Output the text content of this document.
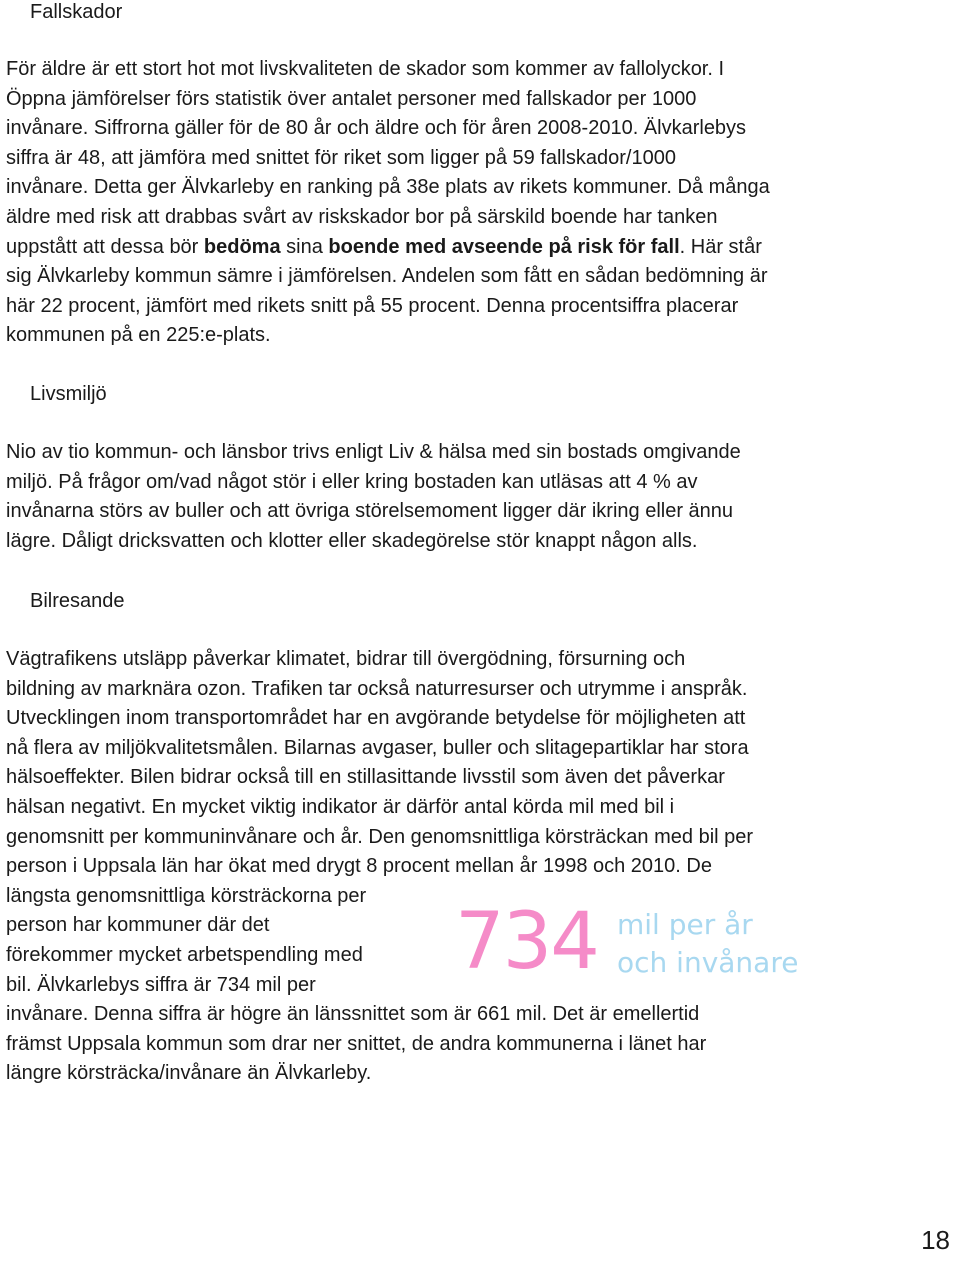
Fallskador
För äldre är ett stort hot mot livskvaliteten de skador som kommer av fallolyckor. I
Öppna jämförelser förs statistik över antalet personer med fallskador per 1000
invånare. Siffrorna gäller för de 80 år och äldre och för åren 2008-2010. Älvkarlebys
siffra är 48, att jämföra med snittet för riket som ligger på 59 fallskador/1000
invånare. Detta ger Älvkarleby en ranking på 38e plats av rikets kommuner. Då många
äldre med risk att drabbas svårt av riskskador bor på särskild boende har tanken
uppstått att dessa bör bedöma sina boende med avseende på risk för fall. Här står
sig Älvkarleby kommun sämre i jämförelsen. Andelen som fått en sådan bedömning är
här 22 procent, jämfört med rikets snitt på 55 procent. Denna procentsiffra placerar
kommunen på en 225:e-plats.
Livsmiljö
Nio av tio kommun- och länsbor trivs enligt Liv & hälsa med sin bostads omgivande
miljö. På frågor om/vad något stör i eller kring bostaden kan utläsas att 4 % av
invånarna störs av buller och att övriga störelsemoment ligger där ikring eller ännu
lägre. Dåligt dricksvatten och klotter eller skadegörelse stör knappt någon alls.
Bilresande
Vägtrafikens utsläpp påverkar klimatet, bidrar till övergödning, försurning och
bildning av marknära ozon. Trafiken tar också naturresurser och utrymme i anspråk.
Utvecklingen inom transportområdet har en avgörande betydelse för möjligheten att
nå flera av miljökvalitetsmålen. Bilarnas avgaser, buller och slitagepartiklar har stora
hälsoeffekter. Bilen bidrar också till en stillasittande livsstil som även det påverkar
hälsan negativt. En mycket viktig indikator är därför antal körda mil med bil i
genomsnitt per kommuninvånare och år. Den genomsnittliga körsträckan med bil per
person i Uppsala län har ökat med drygt 8 procent mellan år 1998 och 2010. De
längsta genomsnittliga körsträckorna per
person har kommuner där det
förekommer mycket arbetspendling med
bil. Älvkarlebys siffra är 734 mil per
invånare. Denna siffra är högre än länssnittet som är 661 mil. Det är emellertid
främst Uppsala kommun som drar ner snittet, de andra kommunerna i länet har
längre körsträcka/invånare än Älvkarleby.
734 mil per år
och invånare
18
